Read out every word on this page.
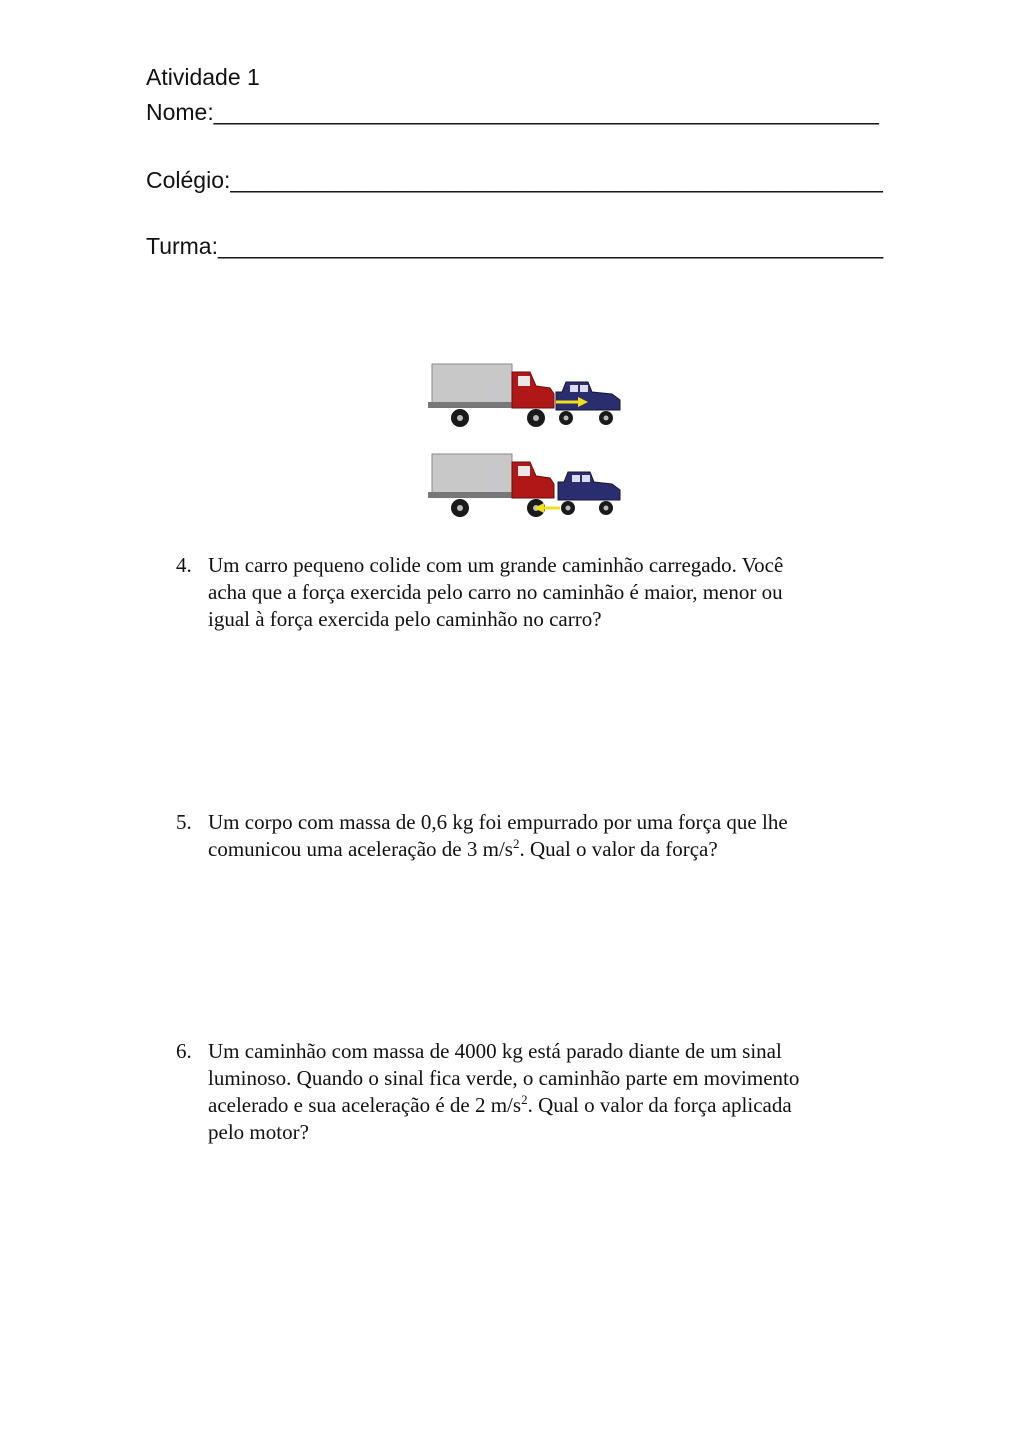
Atividade 1
Nome:____________________________________________________
Colégio:___________________________________________________
Turma:____________________________________________________
4. Um carro pequeno colide com um grande caminhão carregado. Você
acha que a força exercida pelo carro no caminhão é maior, menor ou
igual à força exercida pelo caminhão no carro?
5. Um corpo com massa de 0,6 kg foi empurrado por uma força que lhe
comunicou uma aceleração de 3 $m/s^2$. Qual o valor da força?
6. Um caminhão com massa de 4000 kg está parado diante de um sinal
luminoso. Quando o sinal fica verde, o caminhão parte em movimento
acelerado e sua aceleração é de 2 $m/s^2$. Qual o valor da força aplicada
pelo motor?
